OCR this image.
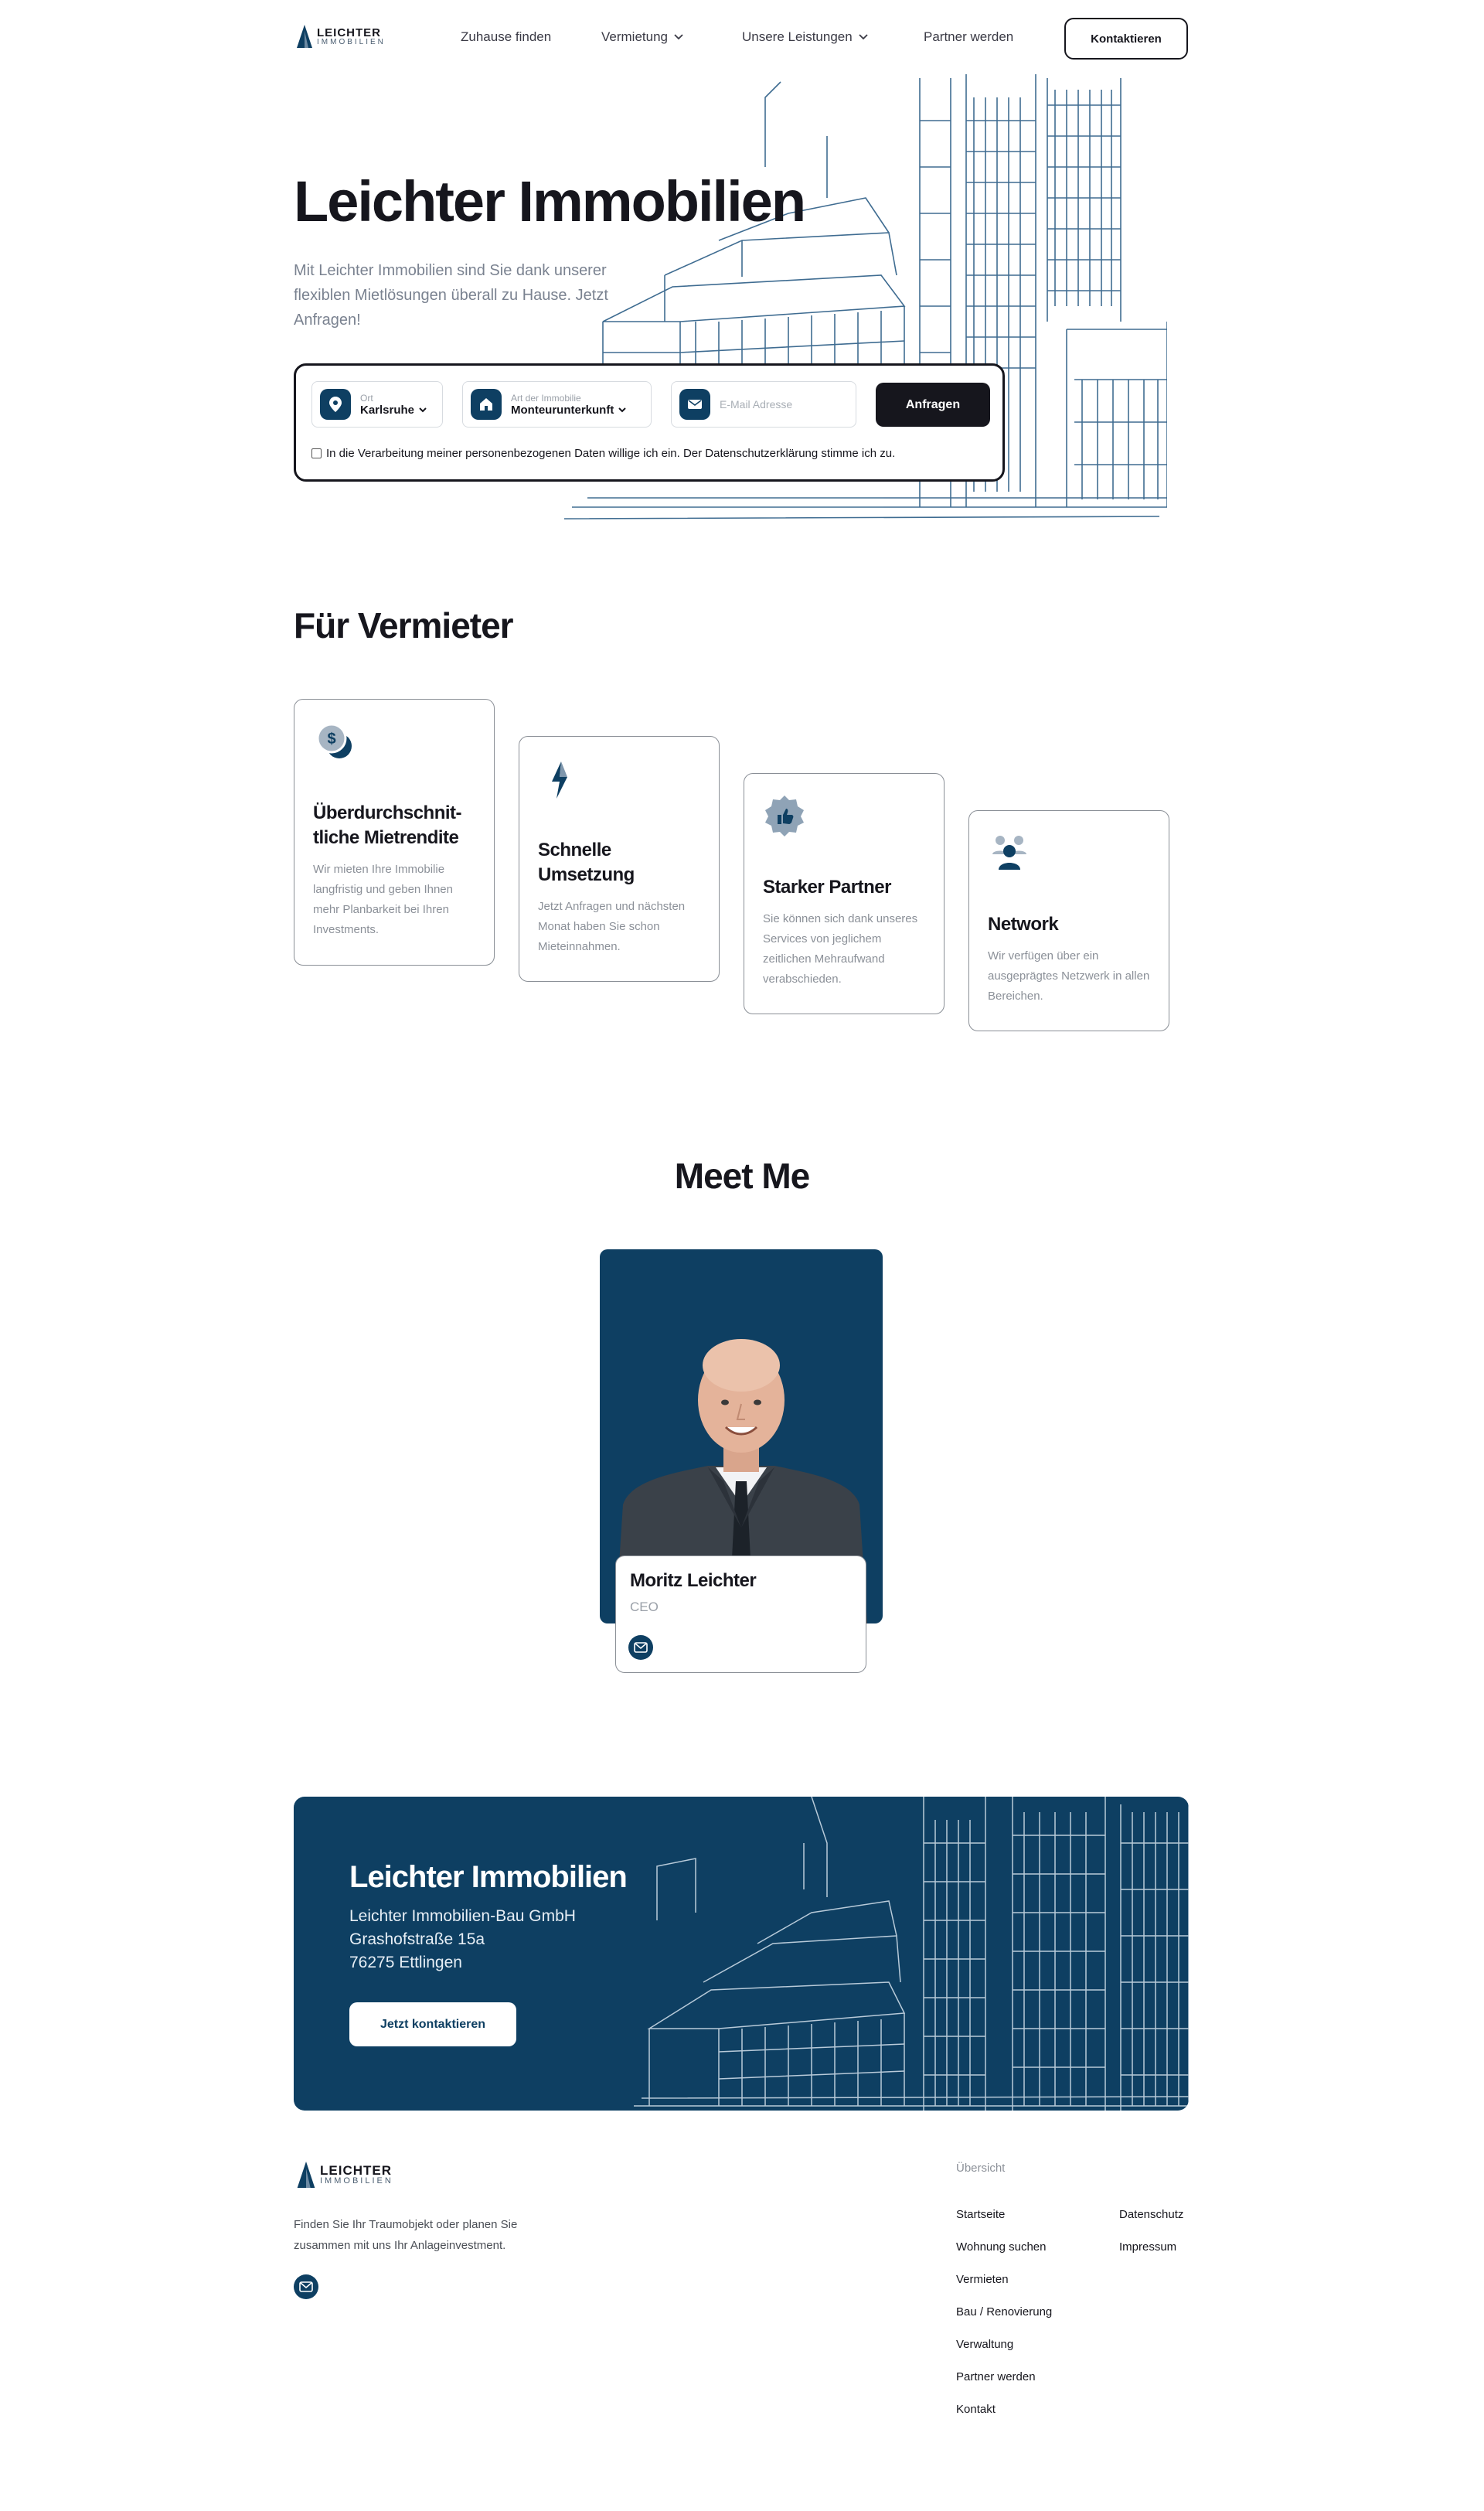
LEICHTER
IMMOBILIEN	Zuhause finden	Vermietung	Unsere Leistungen	Partner werden	Kontaktieren
Leichter Immobilien
Mit Leichter Immobilien sind Sie dank unserer flexiblen Mietlösungen überall zu Hause. Jetzt Anfragen!
Ort
Karlsruhe
Art der Immobilie
Monteurunterkunft	E-Mail Adresse	Anfragen
In die Verarbeitung meiner personenbezogenen Daten willige ich ein. Der Datenschutzerklärung stimme ich zu.
Für Vermieter
$
Überdurchschnit-tliche Mietrendite
Wir mieten Ihre Immobilie langfristig und geben Ihnen mehr Planbarkeit bei Ihren Investments.
Schnelle Umsetzung
Jetzt Anfragen und nächsten Monat haben Sie schon Mieteinnahmen.
Starker Partner
Sie können sich dank unseres Services von jeglichem zeitlichen Mehraufwand verabschieden.
Network
Wir verfügen über ein ausgeprägtes Netzwerk in allen Bereichen.
Meet Me
Moritz Leichter
CEO
Leichter Immobilien
Leichter Immobilien-Bau GmbH
Grashofstraße 15a
76275 Ettlingen
Jetzt kontaktieren
LEICHTER
IMMOBILIEN
Finden Sie Ihr Traumobjekt oder planen Sie zusammen mit uns Ihr Anlageinvestment.
Übersicht
Startseite
Wohnung suchen
Vermieten
Bau / Renovierung
Verwaltung
Partner werden
Kontakt
Datenschutz
Impressum
